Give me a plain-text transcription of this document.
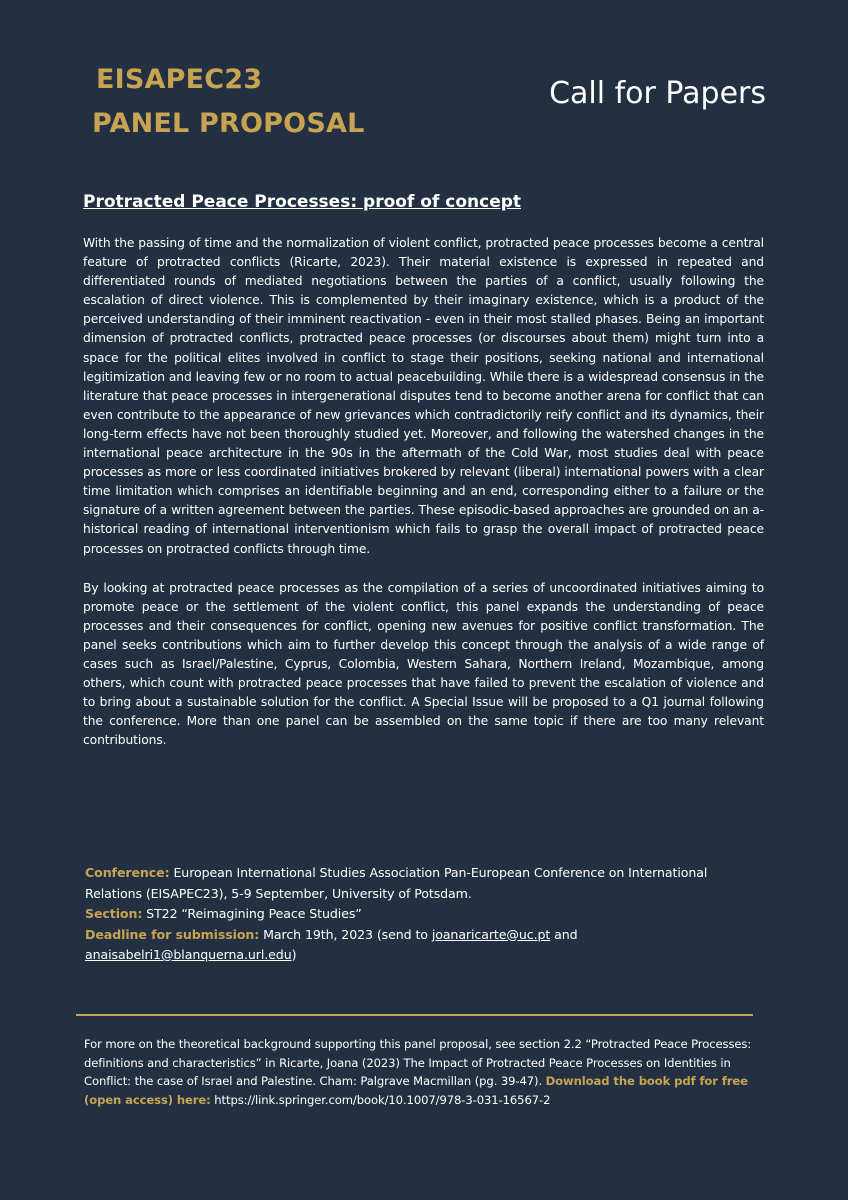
EISAPEC23
PANEL PROPOSAL
Call for Papers
Protracted Peace Processes: proof of concept

With the passing of time and the normalization of violent conflict, protracted peace processes become a central feature of protracted conflicts (Ricarte, 2023). Their material existence is expressed in repeated and differentiated rounds of mediated negotiations between the parties of a conflict, usually following the escalation of direct violence. This is complemented by their imaginary existence, which is a product of the perceived understanding of their imminent reactivation - even in their most stalled phases. Being an important dimension of protracted conflicts, protracted peace processes (or discourses about them) might turn into a space for the political elites involved in conflict to stage their positions, seeking national and international legitimization and leaving few or no room to actual peacebuilding. While there is a widespread consensus in the literature that peace processes in intergenerational disputes tend to become another arena for conflict that can even contribute to the appearance of new grievances which contradictorily reify conflict and its dynamics, their long-term effects have not been thoroughly studied yet. Moreover, and following the watershed changes in the international peace architecture in the 90s in the aftermath of the Cold War, most studies deal with peace processes as more or less coordinated initiatives brokered by relevant (liberal) international powers with a clear time limitation which comprises an identifiable beginning and an end, corresponding either to a failure or the signature of a written agreement between the parties. These episodic-based approaches are grounded on an a-historical reading of international interventionism which fails to grasp the overall impact of protracted peace processes on protracted conflicts through time.

By looking at protracted peace processes as the compilation of a series of uncoordinated initiatives aiming to promote peace or the settlement of the violent conflict, this panel expands the understanding of peace processes and their consequences for conflict, opening new avenues for positive conflict transformation. The panel seeks contributions which aim to further develop this concept through the analysis of a wide range of cases such as Israel/Palestine, Cyprus, Colombia, Western Sahara, Northern Ireland, Mozambique, among others, which count with protracted peace processes that have failed to prevent the escalation of violence and to bring about a sustainable solution for the conflict. A Special Issue will be proposed to a Q1 journal following the conference. More than one panel can be assembled on the same topic if there are too many relevant contributions.

Conference: European International Studies Association Pan-European Conference on International Relations (EISAPEC23), 5-9 September, University of Potsdam.
Section: ST22 “Reimagining Peace Studies”
Deadline for submission: March 19th, 2023 (send to joanaricarte@uc.pt and
anaisabelri1@blanquerna.url.edu)
For more on the theoretical background supporting this panel proposal, see section 2.2 “Protracted Peace Processes: definitions and characteristics” in Ricarte, Joana (2023) The Impact of Protracted Peace Processes on Identities in Conflict: the case of Israel and Palestine. Cham: Palgrave Macmillan (pg. 39-47). Download the book pdf for free (open access) here: https://link.springer.com/book/10.1007/978-3-031-16567-2
